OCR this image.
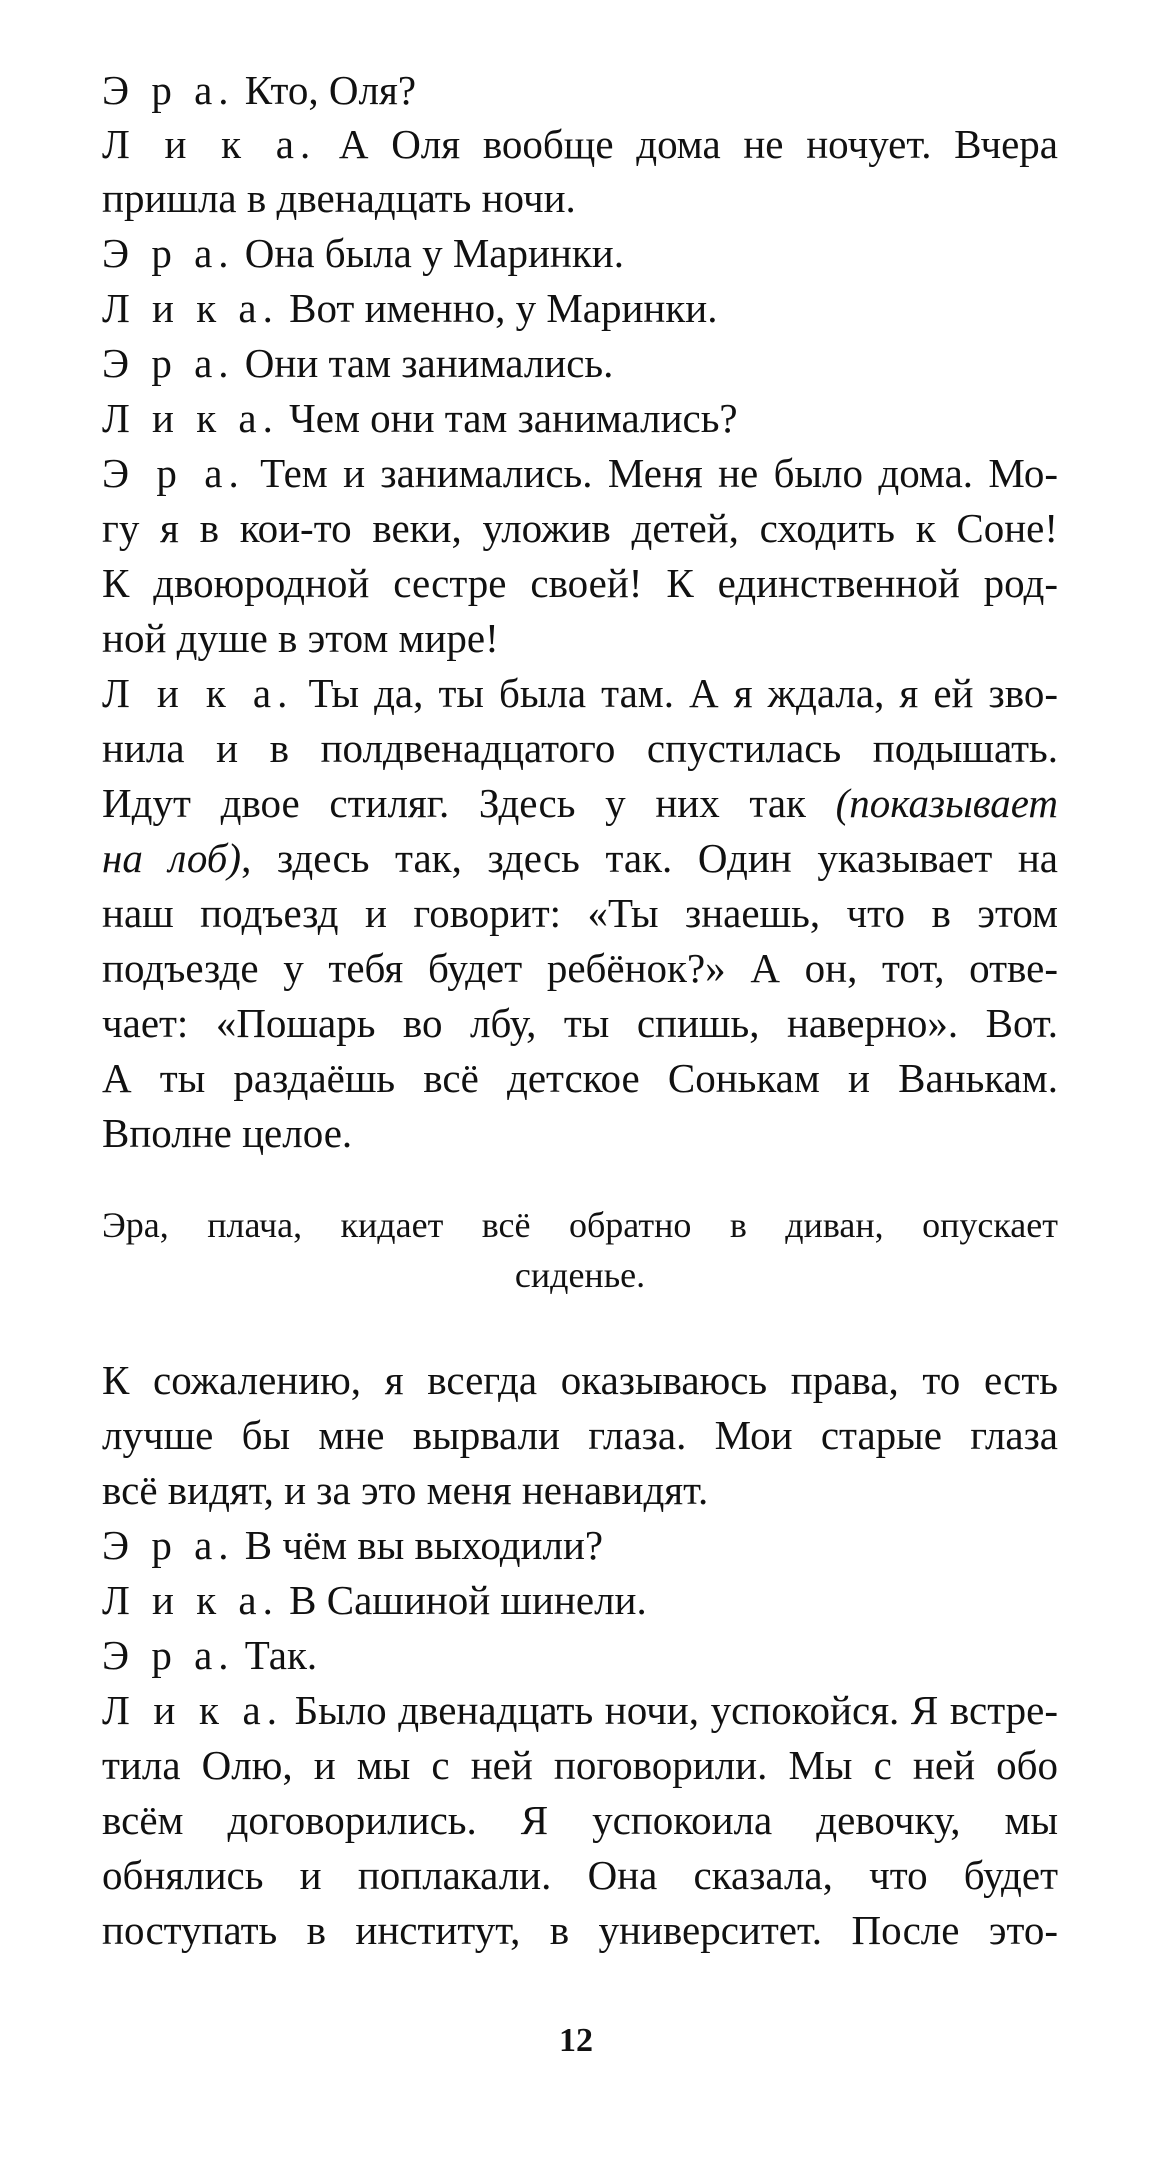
Э р а. Кто, Оля?
Л и к а. А Оля вообще дома не ночует. Вчера
пришла в двенадцать ночи.
Э р а. Она была у Маринки.
Л и к а. Вот именно, у Маринки.
Э р а. Они там занимались.
Л и к а. Чем они там занимались?
Э р а. Тем и занимались. Меня не было дома. Мо-
гу я в кои-то веки, уложив детей, сходить к Соне!
К двоюродной сестре своей! К единственной род-
ной душе в этом мире!
Л и к а. Ты да, ты была там. А я ждала, я ей зво-
нила и в полдвенадцатого спустилась подышать.
Идут двое стиляг. Здесь у них так (показывает
на лоб), здесь так, здесь так. Один указывает на
наш подъезд и говорит: «Ты знаешь, что в этом
подъезде у тебя будет ребёнок?» А он, тот, отве-
чает: «Пошарь во лбу, ты спишь, наверно». Вот.
А ты раздаёшь всё детское Сонькам и Ванькам.
Вполне целое.
Эра, плача, кидает всё обратно в диван, опускает
сиденье.
К сожалению, я всегда оказываюсь права, то есть
лучше бы мне вырвали глаза. Мои старые глаза
всё видят, и за это меня ненавидят.
Э р а. В чём вы выходили?
Л и к а. В Сашиной шинели.
Э р а. Так.
Л и к а. Было двенадцать ночи, успокойся. Я встре-
тила Олю, и мы с ней поговорили. Мы с ней обо
всём договорились. Я успокоила девочку, мы
обнялись и поплакали. Она сказала, что будет
поступать в институт, в университет. После это-
12
